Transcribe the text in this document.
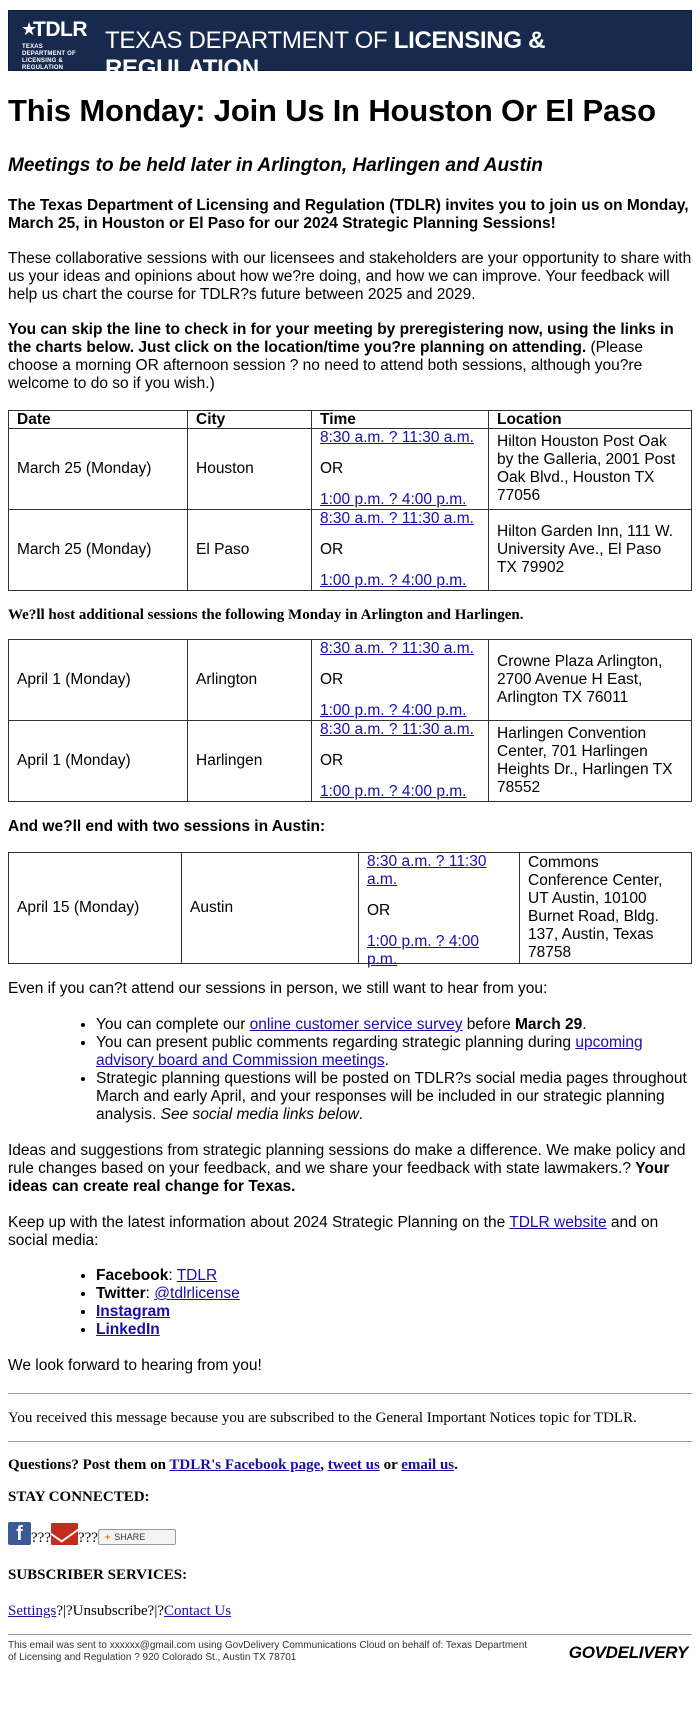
★
TDLR
TEXAS DEPARTMENT OF LICENSING & REGULATION
TEXAS DEPARTMENT OF LICENSING & REGULATION
This Monday: Join Us In Houston Or El Paso
Meetings to be held later in Arlington, Harlingen and Austin

The Texas Department of Licensing and Regulation (TDLR) invites you to join us on Monday, March 25, in Houston or El Paso for our 2024 Strategic Planning Sessions!

These collaborative sessions with our licensees and stakeholders are your opportunity to share with us your ideas and opinions about how we?re doing, and how we can improve. Your feedback will help us chart the course for TDLR?s future between 2025 and 2029.

You can skip the line to check in for your meeting by preregistering now, using the links in the charts below. Just click on the location/time you?re planning on attending. (Please choose a morning OR afternoon session ? no need to attend both sessions, although you?re welcome to do so if you wish.)

Date	City	Time	Location
March 25 (Monday)	Houston	8:30 a.m. ? 11:30 a.m.
OR
1:00 p.m. ? 4:00 p.m.	Hilton Houston Post Oak by the Galleria, 2001 Post Oak Blvd., Houston TX 77056
March 25 (Monday)	El Paso	8:30 a.m. ? 11:30 a.m.
OR
1:00 p.m. ? 4:00 p.m.	Hilton Garden Inn, 111 W. University Ave., El Paso TX 79902

We?ll host additional sessions the following Monday in Arlington and Harlingen.

April 1 (Monday)	Arlington	8:30 a.m. ? 11:30 a.m.
OR
1:00 p.m. ? 4:00 p.m.	Crowne Plaza Arlington, 2700 Avenue H East, Arlington TX 76011
April 1 (Monday)	Harlingen	8:30 a.m. ? 11:30 a.m.
OR
1:00 p.m. ? 4:00 p.m.	Harlingen Convention Center, 701 Harlingen Heights Dr., Harlingen TX 78552

And we?ll end with two sessions in Austin:

April 15 (Monday)	Austin	
8:30 a.m. ? 11:30 a.m.
OR
1:00 p.m. ? 4:00 p.m.
	Commons Conference Center, UT Austin, 10100 Burnet Road, Bldg. 137, Austin, Texas 78758

Even if you can?t attend our sessions in person, we still want to hear from you:

• You can complete our online customer service survey before March 29.
• You can present public comments regarding strategic planning during upcoming advisory board and Commission meetings.
• Strategic planning questions will be posted on TDLR?s social media pages throughout March and early April, and your responses will be included in our strategic planning analysis. See social media links below.

Ideas and suggestions from strategic planning sessions do make a difference. We make policy and rule changes based on your feedback, and we share your feedback with state lawmakers.? Your ideas can create real change for Texas.

Keep up with the latest information about 2024 Strategic Planning on the TDLR website and on social media:

• Facebook: TDLR
• Twitter: @tdlrlicense
• Instagram
• LinkedIn

We look forward to hearing from you!

You received this message because you are subscribed to the General Important Notices topic for TDLR.

Questions? Post them on TDLR's Facebook page, tweet us or email us.

STAY CONNECTED:

f ??? ??? + SHARE

SUBSCRIBER SERVICES:

Settings?|?Unsubscribe?|?Contact Us

This email was sent to xxxxxx@gmail.com using GovDelivery Communications Cloud on behalf of: Texas Department of Licensing and Regulation ? 920 Colorado St., Austin TX 78701	GOVDELIVERY
